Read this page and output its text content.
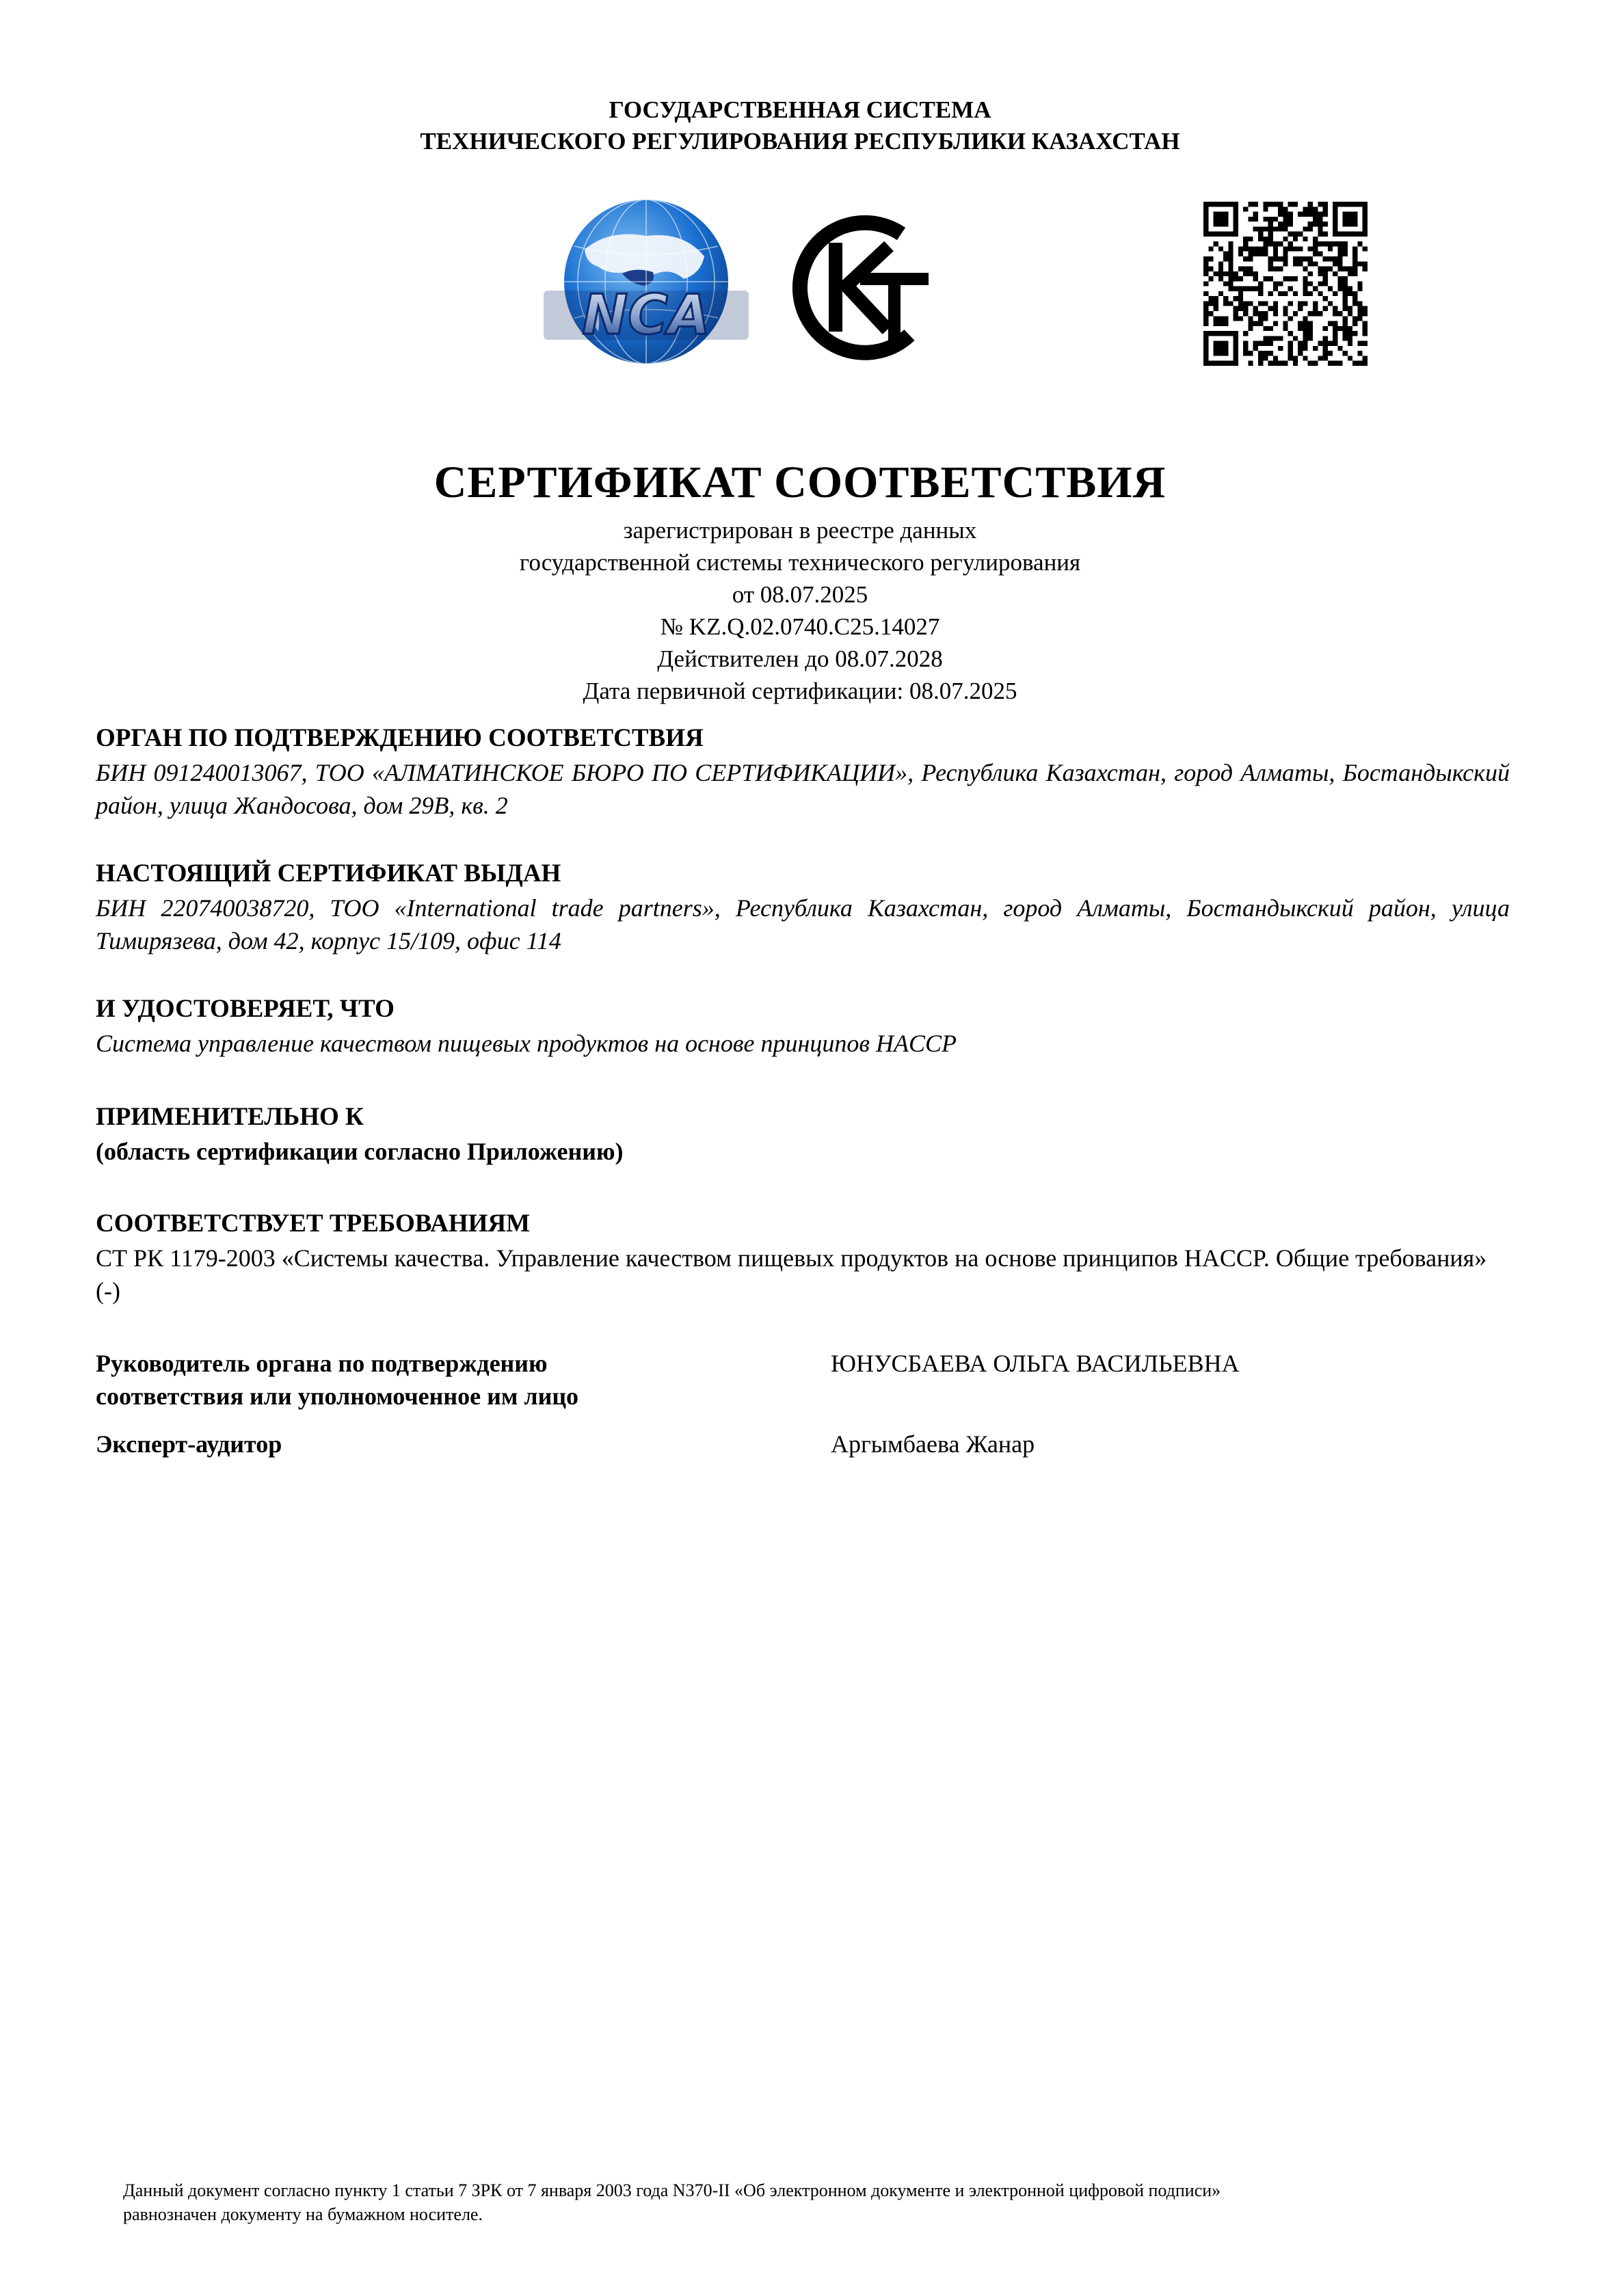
ГОСУДАРСТВЕННАЯ СИСТЕМА
ТЕХНИЧЕСКОГО РЕГУЛИРОВАНИЯ РЕСПУБЛИКИ КАЗАХСТАН
NCA
СЕРТИФИКАТ СООТВЕТСТВИЯ
зарегистрирован в реестре данных
государственной системы технического регулирования
от 08.07.2025
№ KZ.Q.02.0740.C25.14027
Действителен до 08.07.2028
Дата первичной сертификации: 08.07.2025
ОРГАН ПО ПОДТВЕРЖДЕНИЮ СООТВЕТСТВИЯ
БИН 091240013067, ТОО «АЛМАТИНСКОЕ БЮРО ПО СЕРТИФИКАЦИИ», Республика Казахстан, город Алматы, Бостандыкский район, улица Жандосова, дом 29В, кв. 2
НАСТОЯЩИЙ СЕРТИФИКАТ ВЫДАН
БИН 220740038720, ТОО «International trade partners», Республика Казахстан, город Алматы, Бостандыкский район, улица Тимирязева, дом 42, корпус 15/109, офис 114
И УДОСТОВЕРЯЕТ, ЧТО
Система управление качеством пищевых продуктов на основе принципов HACCP
ПРИМЕНИТЕЛЬНО К
(область сертификации согласно Приложению)
СООТВЕТСТВУЕТ ТРЕБОВАНИЯМ
СТ РК 1179-2003 «Системы качества. Управление качеством пищевых продуктов на основе принципов HACCP. Общие требования» (-)
Руководитель органа по подтверждению
соответствия или уполномоченное им лицо
ЮНУСБАЕВА ОЛЬГА ВАСИЛЬЕВНА
Эксперт-аудитор	Аргымбаева Жанар
Данный документ согласно пункту 1 статьи 7 ЗРК от 7 января 2003 года N370-II «Об электронном документе и электронной цифровой подписи»
равнозначен документу на бумажном носителе.
